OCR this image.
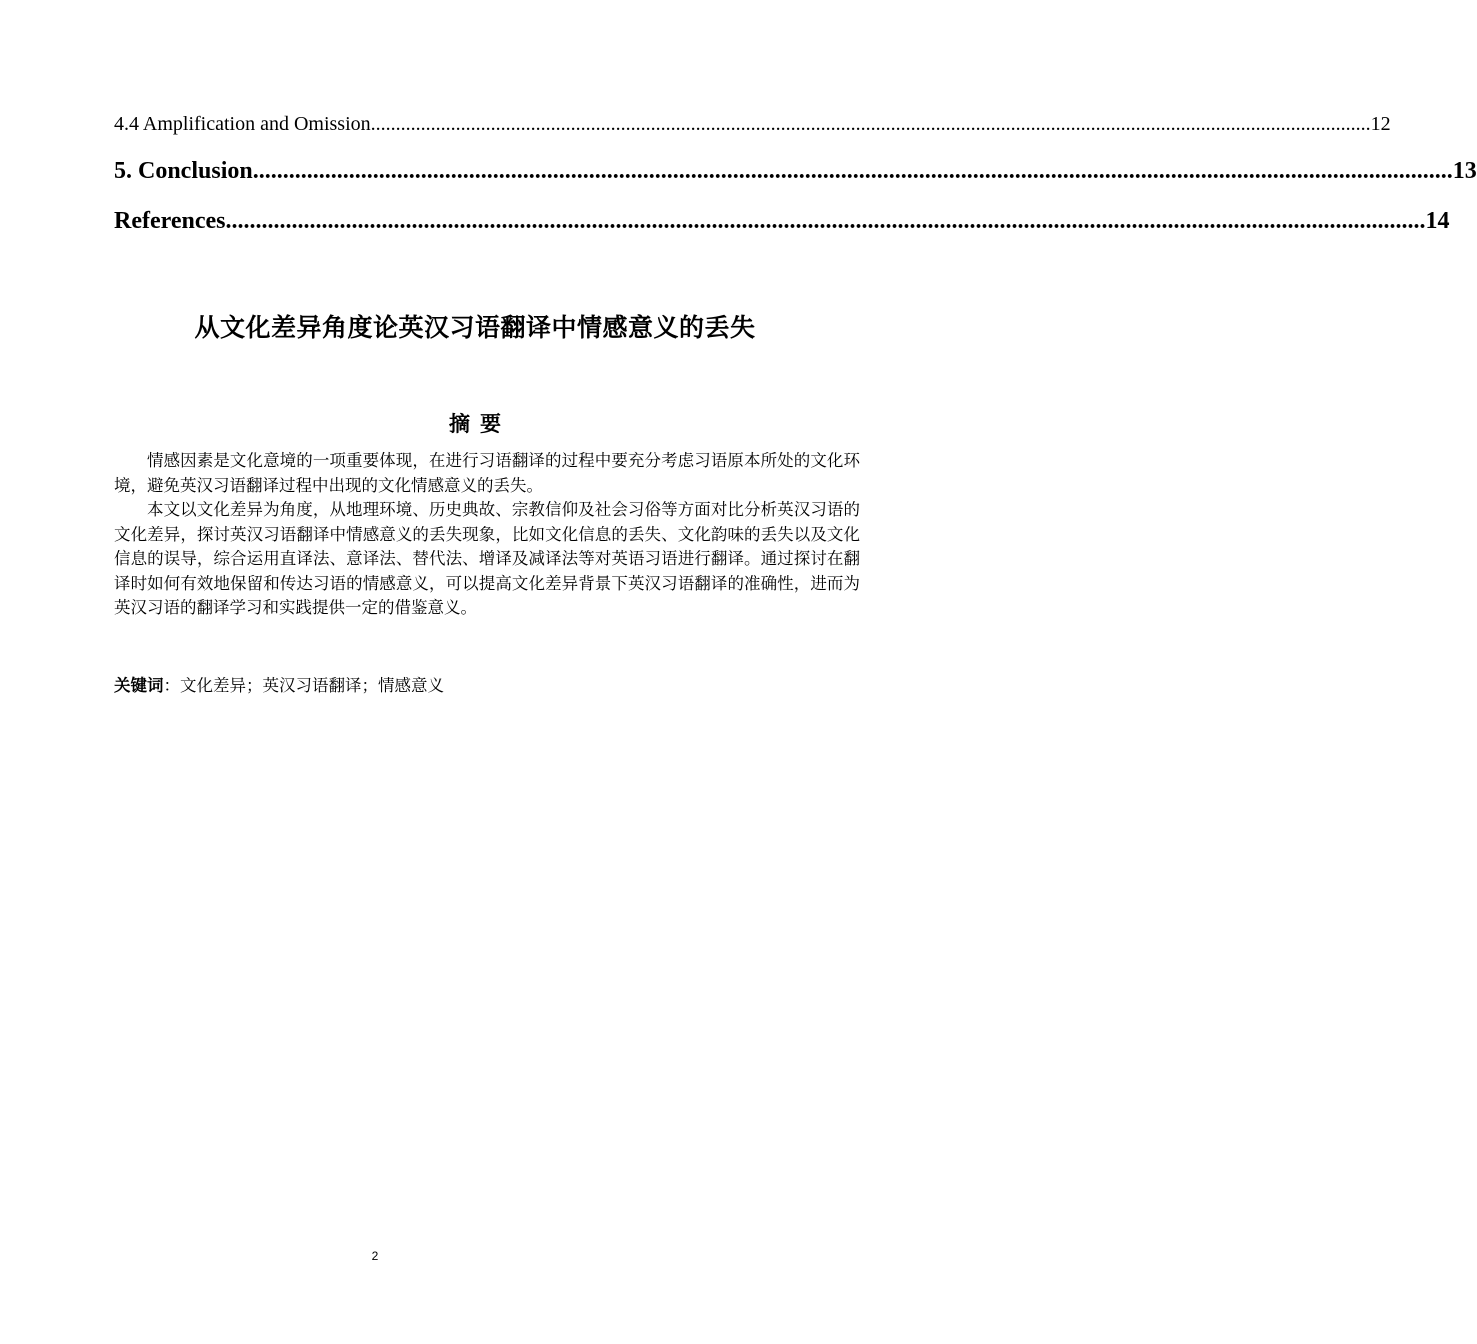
4.4 Amplification and Omission ........................................................................................................................................................................................................ 12
5. Conclusion ........................................................................................................................................................................................................ 13
References ........................................................................................................................................................................................................ 14
从文化差异角度论英汉习语翻译中情感意义的丢失
摘要

情感因素是文化意境的一项重要体现，在进行习语翻译的过程中要充分考虑习语原本所处的文化环境，避免英汉习语翻译过程中出现的文化情感意义的丢失。

本文以文化差异为角度，从地理环境、历史典故、宗教信仰及社会习俗等方面对比分析英汉习语的文化差异，探讨英汉习语翻译中情感意义的丢失现象，比如文化信息的丢失、文化韵味的丢失以及文化信息的误导，综合运用直译法、意译法、替代法、增译及减译法等对英语习语进行翻译。通过探讨在翻译时如何有效地保留和传达习语的情感意义，可以提高文化差异背景下英汉习语翻译的准确性，进而为英汉习语的翻译学习和实践提供一定的借鉴意义。

关键词：文化差异；英汉习语翻译；情感意义
2
